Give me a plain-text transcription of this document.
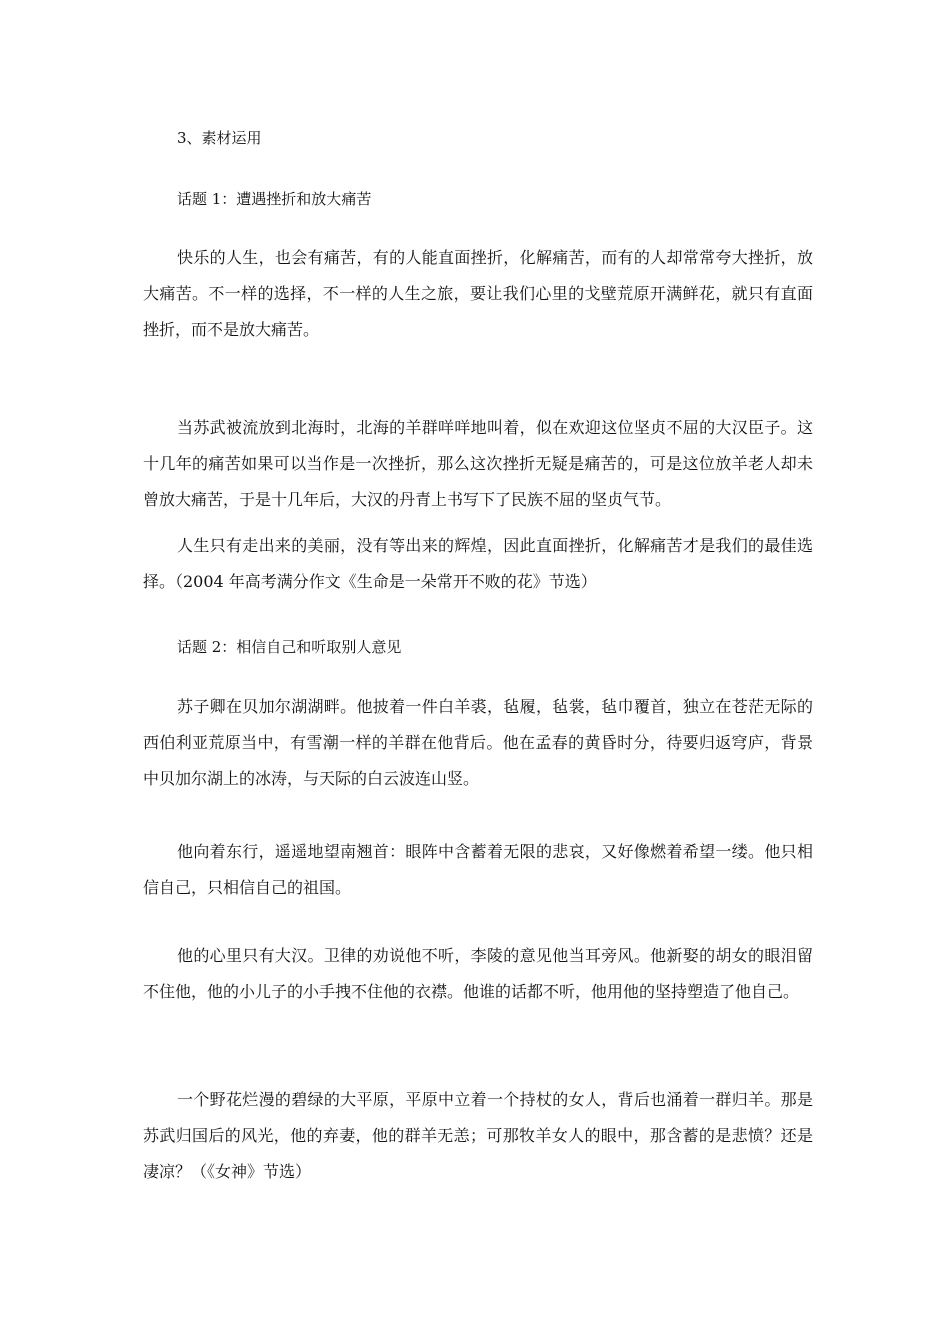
3、素材运用
话题 1：遭遇挫折和放大痛苦

快乐的人生，也会有痛苦，有的人能直面挫折，化解痛苦，而有的人却常常夸大挫折，放大痛苦。不一样的选择，不一样的人生之旅，要让我们心里的戈壁荒原开满鲜花，就只有直面挫折，而不是放大痛苦。

当苏武被流放到北海时，北海的羊群咩咩地叫着，似在欢迎这位坚贞不屈的大汉臣子。这十几年的痛苦如果可以当作是一次挫折，那么这次挫折无疑是痛苦的，可是这位放羊老人却未曾放大痛苦，于是十几年后，大汉的丹青上书写下了民族不屈的坚贞气节。

人生只有走出来的美丽，没有等出来的辉煌，因此直面挫折，化解痛苦才是我们的最佳选择。（2004 年高考满分作文《生命是一朵常开不败的花》节选）

话题 2：相信自己和听取别人意见

苏子卿在贝加尔湖湖畔。他披着一件白羊裘，毡履，毡裳，毡巾覆首，独立在苍茫无际的西伯利亚荒原当中，有雪潮一样的羊群在他背后。他在孟春的黄昏时分，待要归返穹庐，背景中贝加尔湖上的冰涛，与天际的白云波连山竖。

他向着东行，遥遥地望南翘首：眼阵中含蓄着无限的悲哀，又好像燃着希望一缕。他只相信自己，只相信自己的祖国。

他的心里只有大汉。卫律的劝说他不听，李陵的意见他当耳旁风。他新娶的胡女的眼泪留不住他，他的小儿子的小手拽不住他的衣襟。他谁的话都不听，他用他的坚持塑造了他自己。

一个野花烂漫的碧绿的大平原，平原中立着一个持杖的女人，背后也涌着一群归羊。那是苏武归国后的风光，他的弃妻，他的群羊无恙；可那牧羊女人的眼中，那含蓄的是悲愤？还是凄凉？（《女神》节选）
